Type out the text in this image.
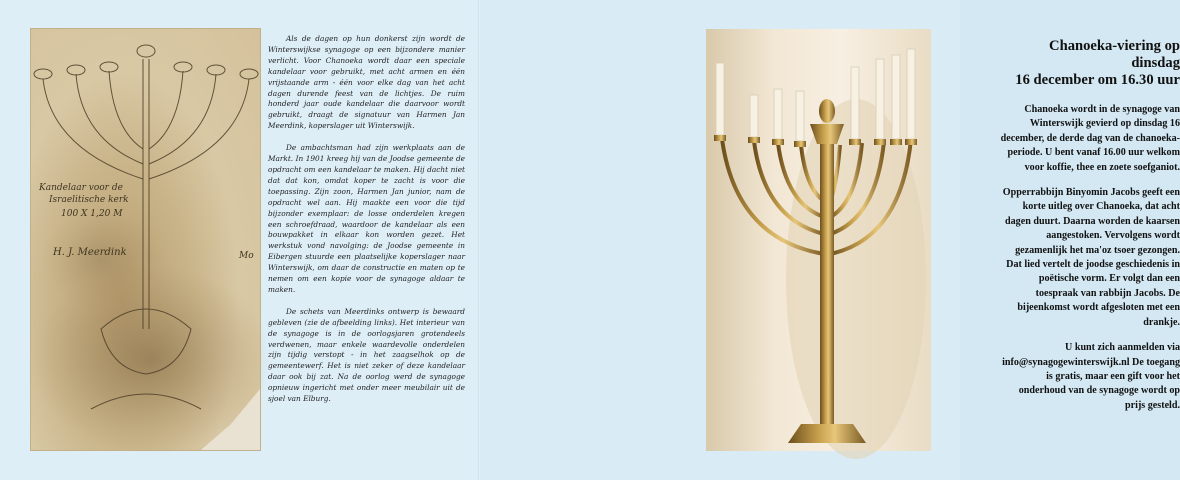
Kandelaar voor de
Israelitische kerk
100 X 1,20 M
H. J. Meerdink	Mo

Als de dagen op hun donkerst zijn wordt de Winterswijkse synagoge op een bijzondere manier verlicht. Voor Chanoeka wordt daar een speciale kandelaar voor gebruikt, met acht armen en één vrijstaande arm - één voor elke dag van het acht dagen durende feest van de lichtjes. De ruim honderd jaar oude kandelaar die daarvoor wordt gebruikt, draagt de signatuur van Harmen Jan Meerdink, koperslager uit Winterswijk.

De ambachtsman had zijn werkplaats aan de Markt. In 1901 kreeg hij van de Joodse gemeente de opdracht om een kandelaar te maken. Hij dacht niet dat dat kon, omdat koper te zacht is voor die toepassing. Zijn zoon, Harmen Jan junior, nam de opdracht wel aan. Hij maakte een voor die tijd bijzonder exemplaar: de losse onderdelen kregen een schroefdraad, waardoor de kandelaar als een bouwpakket in elkaar kon worden gezet. Het werkstuk vond navolging: de Joodse gemeente in Eibergen stuurde een plaatselijke koperslager naar Winterswijk, om daar de constructie en maten op te nemen om een kopie voor de synagoge aldaar te maken.

De schets van Meerdinks ontwerp is bewaard gebleven (zie de afbeelding links). Het interieur van de synagoge is in de oorlogsjaren grotendeels verdwenen, maar enkele waardevolle onderdelen zijn tijdig verstopt - in het zaagselhok op de gemeentewerf. Het is niet zeker of deze kandelaar daar ook bij zat. Na de oorlog werd de synagoge opnieuw ingericht met onder meer meubilair uit de sjoel van Elburg.

Chanoeka-viering op dinsdag
16 december om 16.30 uur

Chanoeka wordt in de synagoge van Winterswijk gevierd op dinsdag 16 december, de derde dag van de chanoeka-periode. U bent vanaf 16.00 uur welkom voor koffie, thee en zoete soefganiot.

Opperrabbijn Binyomin Jacobs geeft een korte uitleg over Chanoeka, dat acht dagen duurt. Daarna worden de kaarsen aangestoken. Vervolgens wordt gezamenlijk het ma'oz tsoer gezongen. Dat lied vertelt de joodse geschiedenis in poëtische vorm. Er volgt dan een toespraak van rabbijn Jacobs. De bijeenkomst wordt afgesloten met een drankje.

U kunt zich aanmelden via info@synagogewinterswijk.nl De toegang is gratis, maar een gift voor het onderhoud van de synagoge wordt op prijs gesteld.
